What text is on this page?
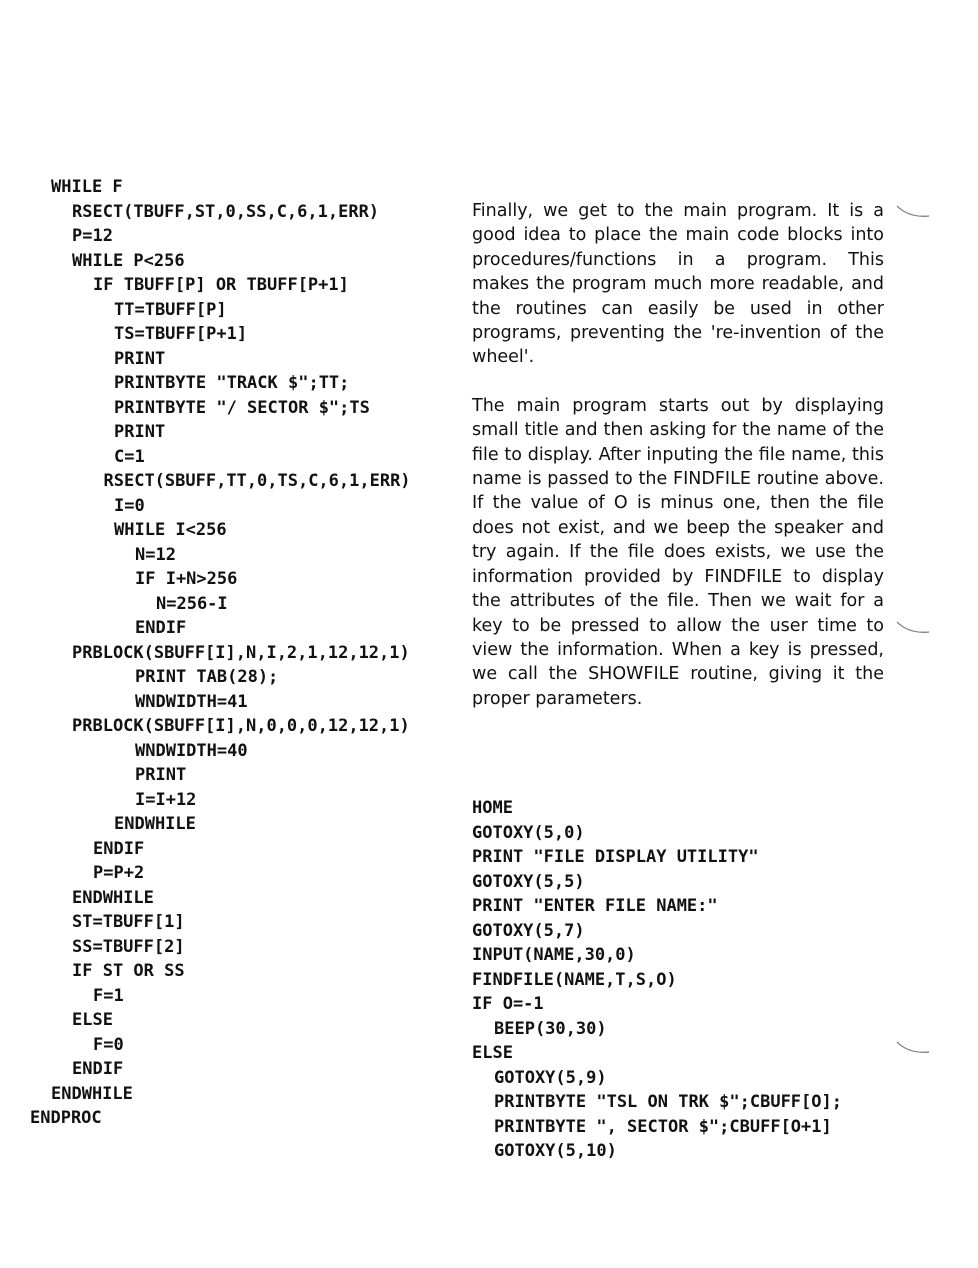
WHILE F
RSECT(TBUFF,ST,0,SS,C,6,1,ERR)
P=12
WHILE P<256
IF TBUFF[P] OR TBUFF[P+1]
TT=TBUFF[P]
TS=TBUFF[P+1]
PRINT
PRINTBYTE "TRACK $";TT;
PRINTBYTE "/ SECTOR $";TS
PRINT
C=1
RSECT(SBUFF,TT,0,TS,C,6,1,ERR)
I=0
WHILE I<256
N=12
IF I+N>256
N=256-I
ENDIF
PRBLOCK(SBUFF[I],N,I,2,1,12,12,1)
PRINT TAB(28);
WNDWIDTH=41
PRBLOCK(SBUFF[I],N,0,0,0,12,12,1)
WNDWIDTH=40
PRINT
I=I+12
ENDWHILE
ENDIF
P=P+2
ENDWHILE
ST=TBUFF[1]
SS=TBUFF[2]
IF ST OR SS
F=1
ELSE
F=0
ENDIF
ENDWHILE
ENDPROC

Finally, we get to the main program. It is a good idea to place the main code blocks into procedures/functions in a program. This makes the program much more readable, and the routines can easily be used in other programs, preventing the 're-invention of the wheel'.

The main program starts out by displaying small title and then asking for the name of the file to display. After inputing the file name, this name is passed to the FINDFILE routine above. If the value of O is minus one, then the file does not exist, and we beep the speaker and try again. If the file does exists, we use the information provided by FINDFILE to display the attributes of the file. Then we wait for a key to be pressed to allow the user time to view the information. When a key is pressed, we call the SHOWFILE routine, giving it the proper parameters.

HOME
GOTOXY(5,0)
PRINT "FILE DISPLAY UTILITY"
GOTOXY(5,5)
PRINT "ENTER FILE NAME:"
GOTOXY(5,7)
INPUT(NAME,30,0)
FINDFILE(NAME,T,S,O)
IF O=-1
BEEP(30,30)
ELSE
GOTOXY(5,9)
PRINTBYTE "TSL ON TRK $";CBUFF[O];
PRINTBYTE ", SECTOR $";CBUFF[O+1]
GOTOXY(5,10)
